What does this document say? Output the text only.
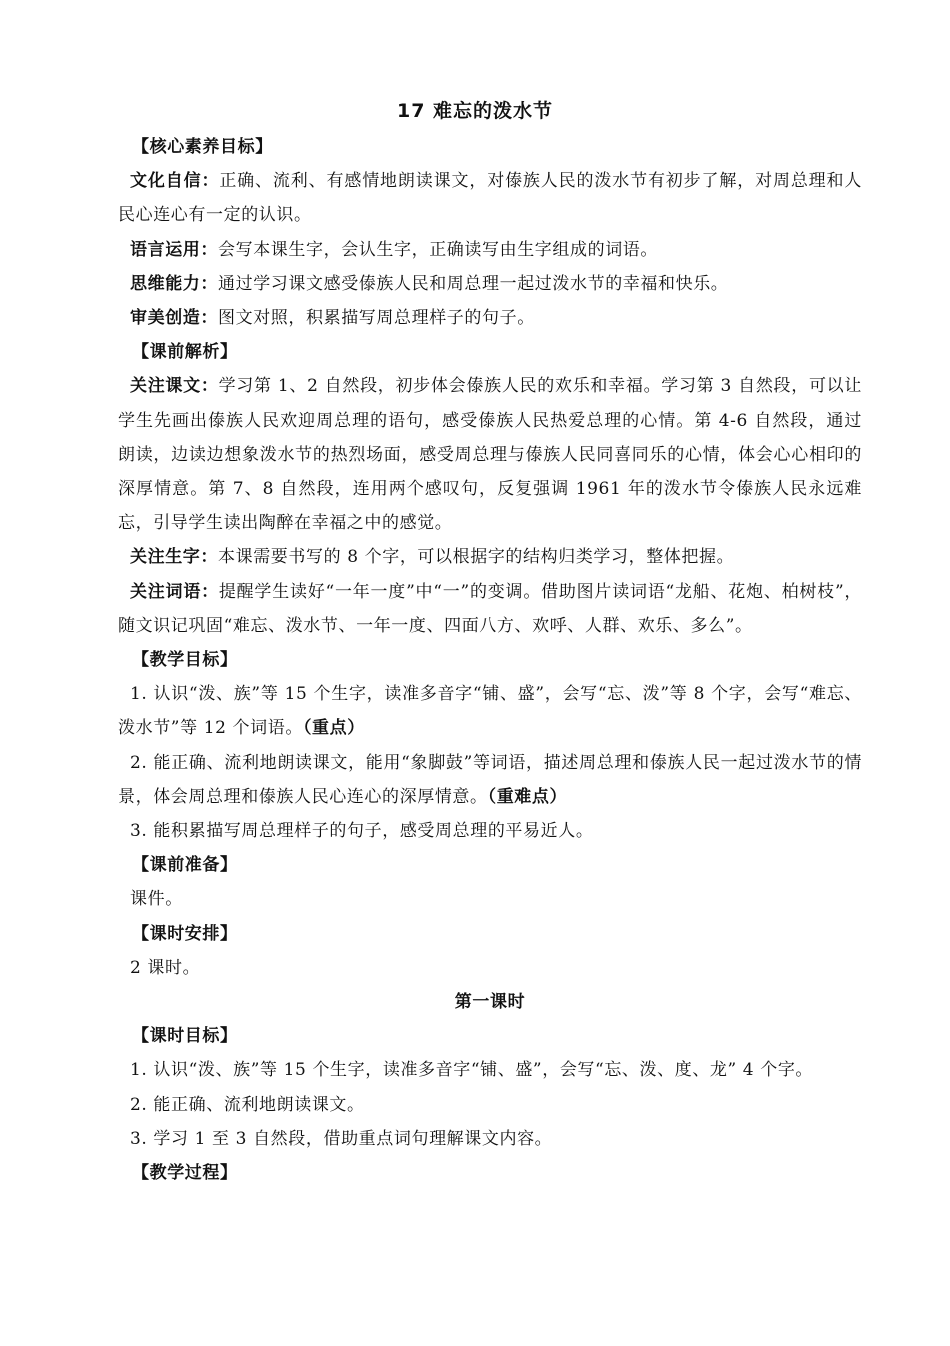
17 难忘的泼水节

【核心素养目标】

文化自信：正确、流利、有感情地朗读课文，对傣族人民的泼水节有初步了解，对周总理和人民心连心有一定的认识。

语言运用：会写本课生字，会认生字，正确读写由生字组成的词语。

思维能力：通过学习课文感受傣族人民和周总理一起过泼水节的幸福和快乐。

审美创造：图文对照，积累描写周总理样子的句子。

【课前解析】

关注课文：学习第 1、2 自然段，初步体会傣族人民的欢乐和幸福。学习第 3 自然段，可以让学生先画出傣族人民欢迎周总理的语句，感受傣族人民热爱总理的心情。第 4-6 自然段，通过朗读，边读边想象泼水节的热烈场面，感受周总理与傣族人民同喜同乐的心情，体会心心相印的深厚情意。第 7、8 自然段，连用两个感叹句，反复强调 1961 年的泼水节令傣族人民永远难忘，引导学生读出陶醉在幸福之中的感觉。

关注生字：本课需要书写的 8 个字，可以根据字的结构归类学习，整体把握。

关注词语：提醒学生读好“一年一度”中“一”的变调。借助图片读词语“龙船、花炮、柏树枝”，随文识记巩固“难忘、泼水节、一年一度、四面八方、欢呼、人群、欢乐、多么”。

【教学目标】

1. 认识“泼、族”等 15 个生字，读准多音字“铺、盛”，会写“忘、泼”等 8 个字，会写“难忘、泼水节”等 12 个词语。（重点）

2. 能正确、流利地朗读课文，能用“象脚鼓”等词语，描述周总理和傣族人民一起过泼水节的情景，体会周总理和傣族人民心连心的深厚情意。（重难点）

3. 能积累描写周总理样子的句子，感受周总理的平易近人。

【课前准备】

课件。

【课时安排】

2 课时。

第一课时

【课时目标】

1. 认识“泼、族”等 15 个生字，读准多音字“铺、盛”，会写“忘、泼、度、龙” 4 个字。

2. 能正确、流利地朗读课文。

3. 学习 1 至 3 自然段，借助重点词句理解课文内容。

【教学过程】
